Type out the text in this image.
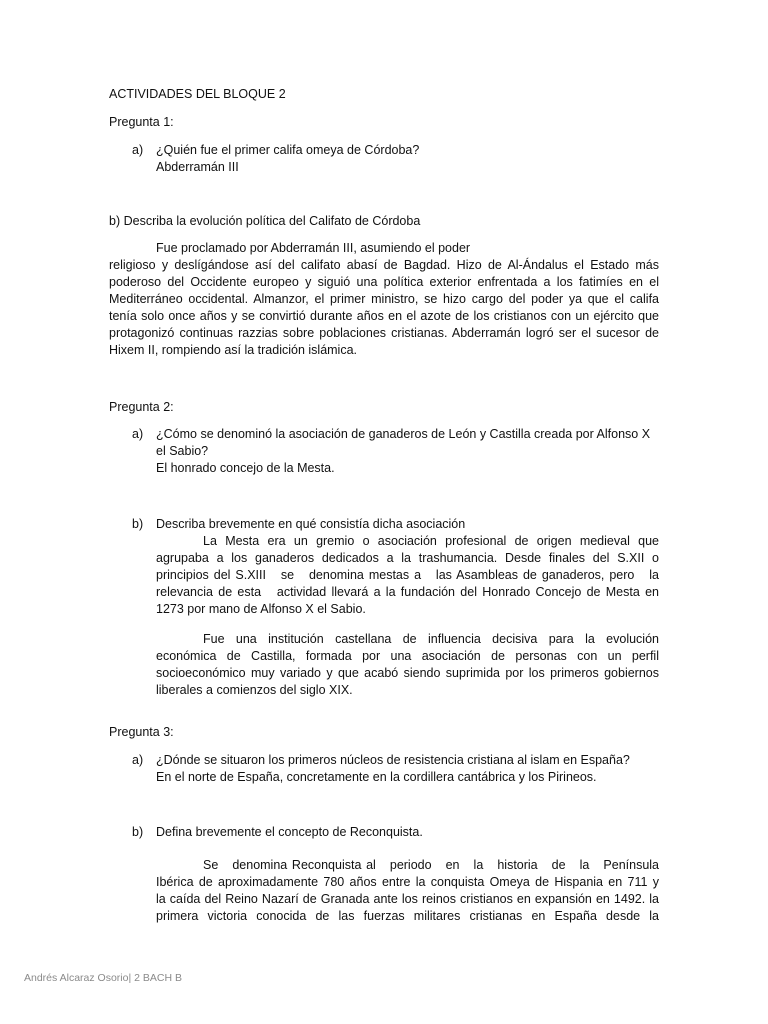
ACTIVIDADES DEL BLOQUE 2
Pregunta 1:
a) ¿Quién fue el primer califa omeya de Córdoba?
Abderramán III
b) Describa la evolución política del Califato de Córdoba
Fue proclamado por Abderramán III, asumiendo el poder
religioso y deslígándose así del califato abasí de Bagdad. Hizo de Al-Ándalus el Estado más
poderoso del Occidente europeo y siguió una política exterior enfrentada a los fatimíes en el
Mediterráneo occidental. Almanzor, el primer ministro, se hizo cargo del poder ya que el califa
tenía solo once años y se convirtió durante años en el azote de los cristianos con un ejército que
protagonizó continuas razzias sobre poblaciones cristianas. Abderramán logró ser el sucesor de
Hixem II, rompiendo así la tradición islámica.
Pregunta 2:
a) ¿Cómo se denominó la asociación de ganaderos de León y Castilla creada por Alfonso X
el Sabio?
El honrado concejo de la Mesta.
b) Describa brevemente en qué consistía dicha asociación
La Mesta era un gremio o asociación profesional de origen medieval que
agrupaba a los ganaderos dedicados a la trashumancia. Desde finales del S.XII o
principios del S.XIII   se   denomina mestas a   las Asambleas de ganaderos, pero   la
relevancia de esta   actividad llevará a la fundación del Honrado Concejo de Mesta en
1273 por mano de Alfonso X el Sabio.
Fue una institución castellana de influencia decisiva para la evolución
económica de Castilla, formada por una asociación de personas con un perfil
socioeconómico muy variado y que acabó siendo suprimida por los primeros gobiernos
liberales a comienzos del siglo XIX.
Pregunta 3:
a) ¿Dónde se situaron los primeros núcleos de resistencia cristiana al islam en España?
En el norte de España, concretamente en la cordillera cantábrica y los Pirineos.
b) Defina brevemente el concepto de Reconquista.
Se   denomina Reconquista al   periodo   en   la   historia   de   la   Península
Ibérica de aproximadamente 780 años entre la conquista Omeya de Hispania en 711 y
la caída del Reino Nazarí de Granada ante los reinos cristianos en expansión en 1492. la
primera victoria conocida de las fuerzas militares cristianas en España desde la
Andrés Alcaraz Osorio| 2 BACH B
